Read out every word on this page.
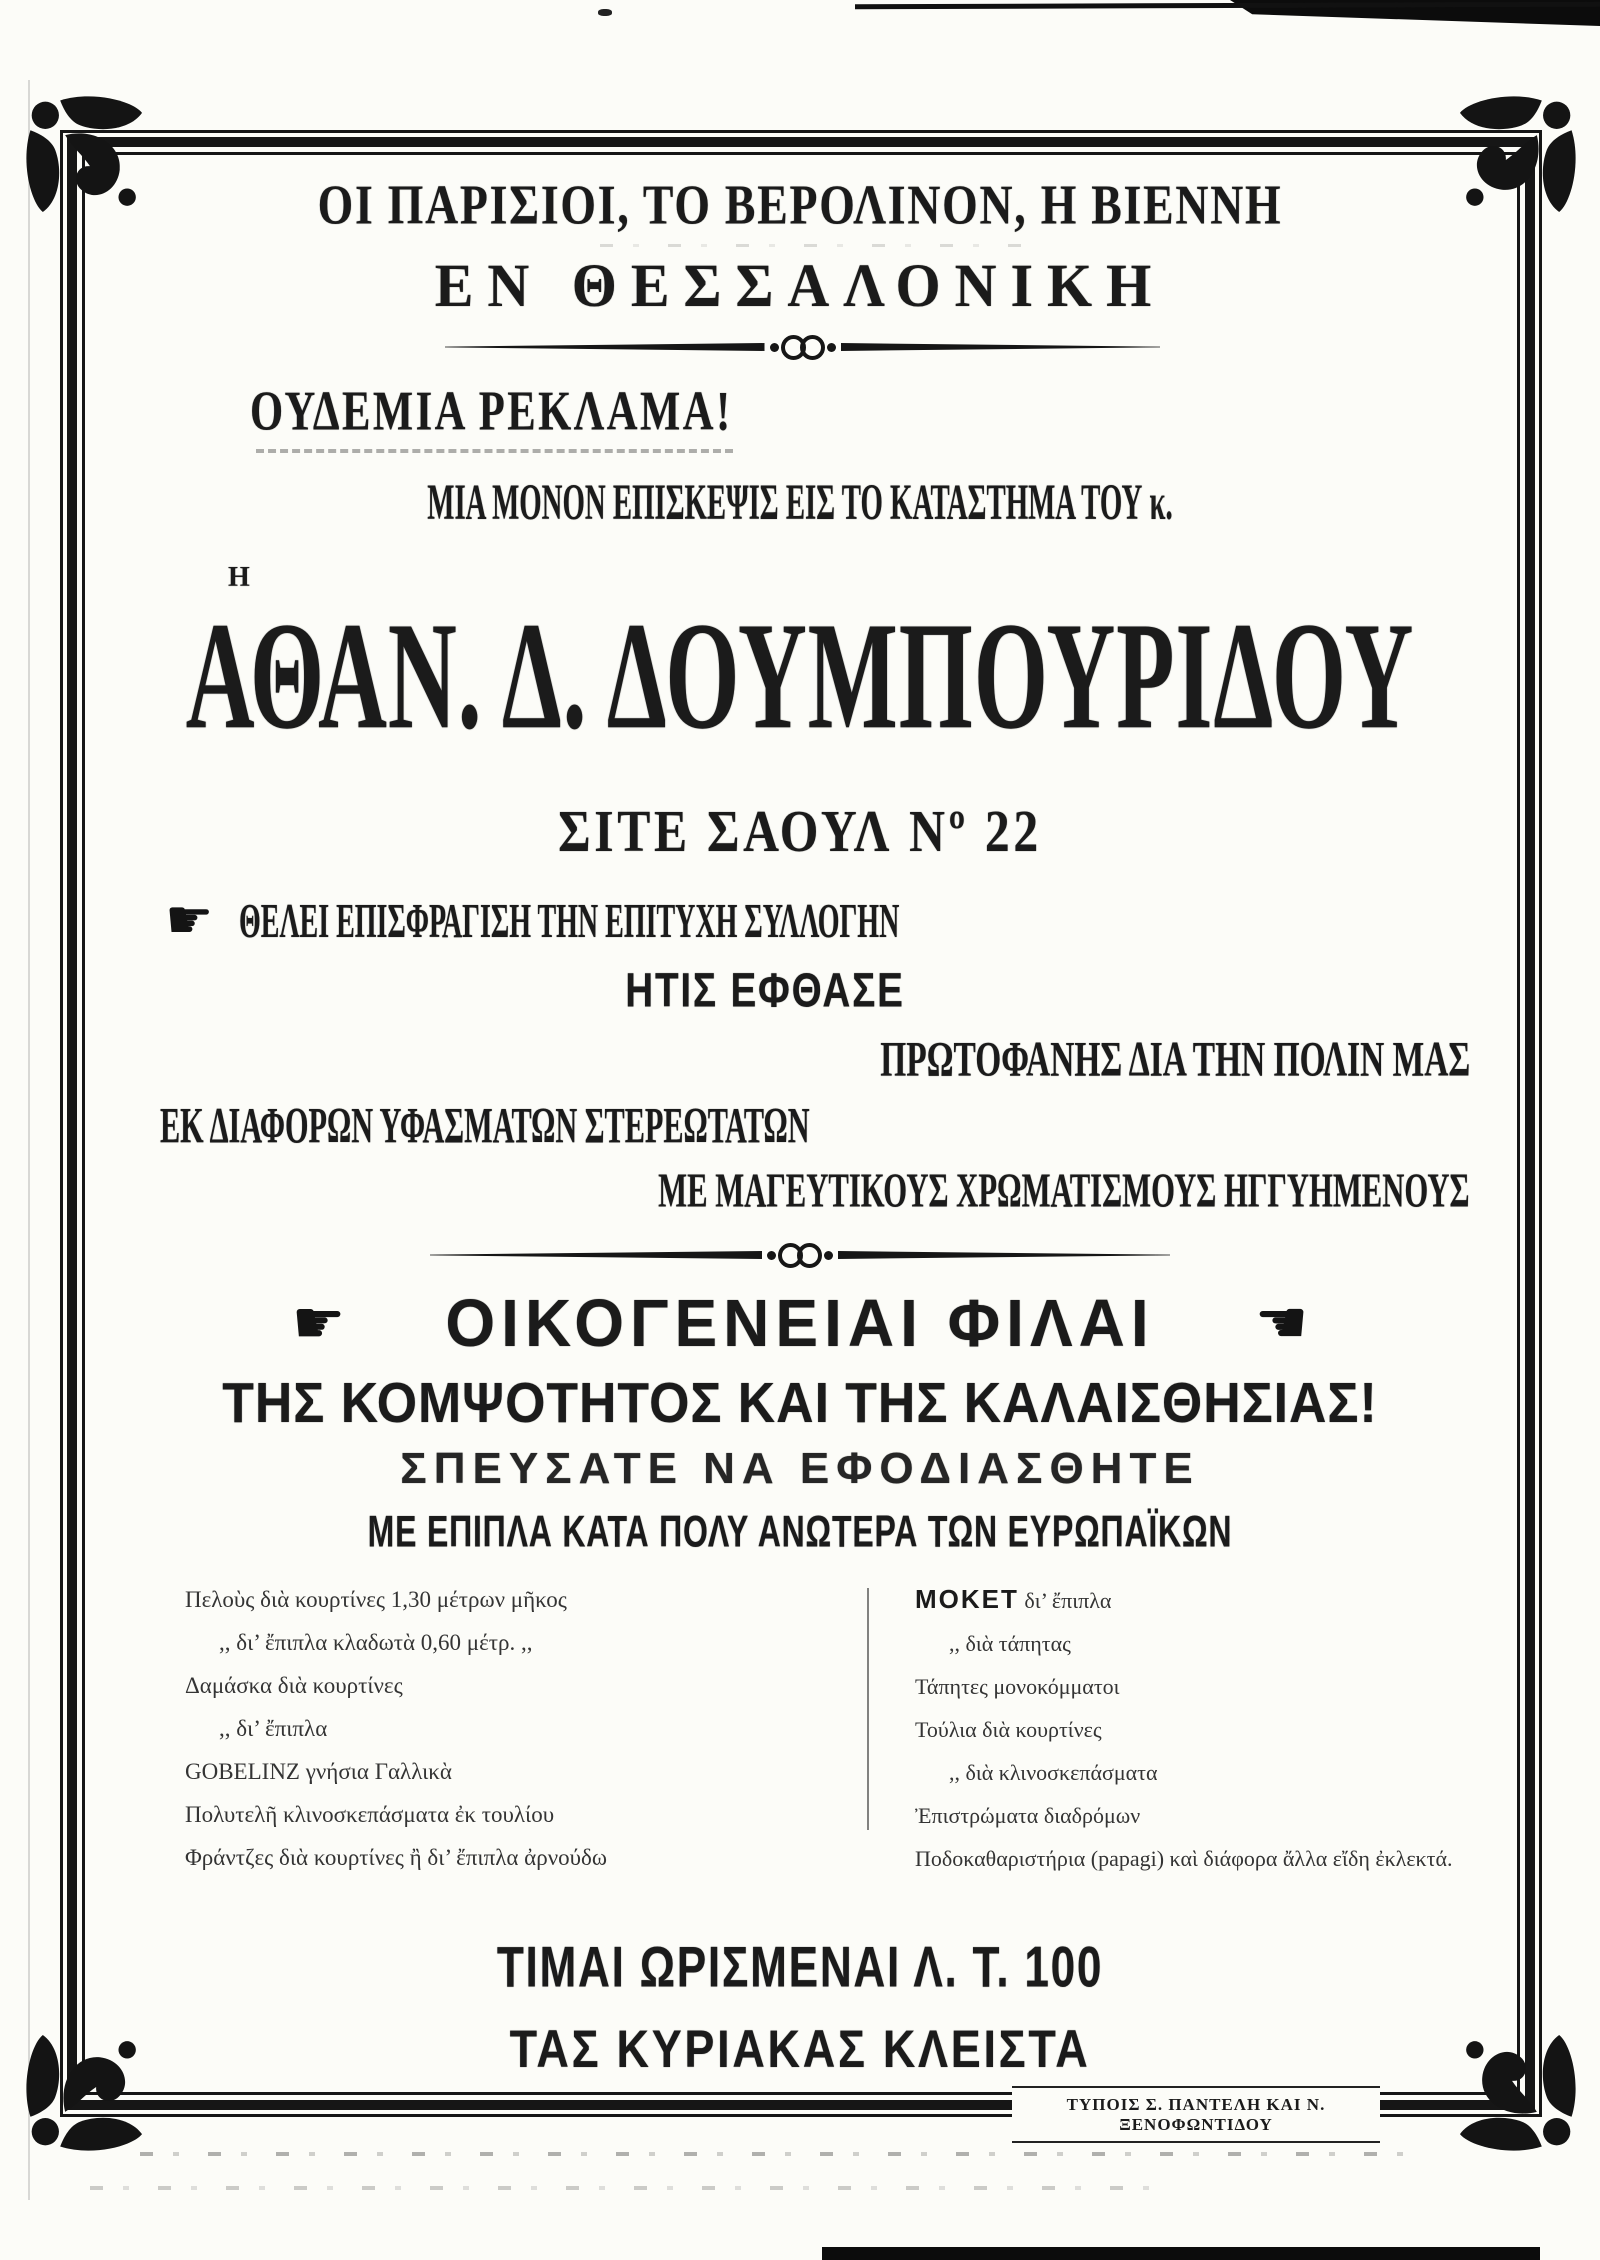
ΟΙ ΠΑΡΙΣΙΟΙ, ΤΟ ΒΕΡΟΛΙΝΟΝ, Η ΒΙΕΝΝΗ
ΕΝ ΘΕΣΣΑΛΟΝΙΚΗ
ΟΥΔΕΜΙΑ ΡΕΚΛΑΜΑ!
ΜΙΑ ΜΟΝΟΝ ΕΠΙΣΚΕΨΙΣ ΕΙΣ ΤΟ ΚΑΤΑΣΤΗΜΑ ΤΟΥ κ.
Η
ΑΘΑΝ. Δ. ΔΟΥΜΠΟΥΡΙΔΟΥ
ΣΙΤΕ ΣΑΟΥΛ Νº 22
☛ ΘΕΛΕΙ ΕΠΙΣΦΡΑΓΙΣΗ ΤΗΝ ΕΠΙΤΥΧΗ ΣΥΛΛΟΓΗΝ
ΗΤΙΣ ΕΦΘΑΣΕ
ΠΡΩΤΟΦΑΝΗΣ ΔΙΑ ΤΗΝ ΠΟΛΙΝ ΜΑΣ
ΕΚ ΔΙΑΦΟΡΩΝ ΥΦΑΣΜΑΤΩΝ ΣΤΕΡΕΩΤΑΤΩΝ
ΜΕ ΜΑΓΕΥΤΙΚΟΥΣ ΧΡΩΜΑΤΙΣΜΟΥΣ ΗΓΓΥΗΜΕΝΟΥΣ
☛ ΟΙΚΟΓΕΝΕΙΑΙ ΦΙΛΑΙ ☚
ΤΗΣ ΚΟΜΨΟΤΗΤΟΣ ΚΑΙ ΤΗΣ ΚΑΛΑΙΣΘΗΣΙΑΣ!
ΣΠΕΥΣΑΤΕ ΝΑ ΕΦΟΔΙΑΣΘΗΤΕ
ΜΕ ΕΠΙΠΛΑ ΚΑΤΑ ΠΟΛΥ ΑΝΩΤΕΡΑ ΤΩΝ ΕΥΡΩΠΑΪΚΩΝ

Πελοὺς διὰ κουρτίνες 1,30 μέτρων μῆκος

,, δι’ ἔπιπλα κλαδωτὰ 0,60 μέτρ. ,,

Δαμάσκα διὰ κουρτίνες

,, δι’ ἔπιπλα

GOBELINZ γνήσια Γαλλικὰ

Πολυτελῆ κλινοσκεπάσματα ἐκ τουλίου

Φράντζες διὰ κουρτίνες ἢ δι’ ἔπιπλα ἀρνούδω

ΜΟΚΕΤ δι’ ἔπιπλα

,, διὰ τάπητας

Τάπητες μονοκόμματοι

Τούλια διὰ κουρτίνες

,, διὰ κλινοσκεπάσματα

Ἐπιστρώματα διαδρόμων

Ποδοκαθαριστήρια (papagi) καὶ διάφορα ἄλλα εἴδη ἐκλεκτά.

ΤΙΜΑΙ ΩΡΙΣΜΕΝΑΙ Λ. Τ. 100
ΤΑΣ ΚΥΡΙΑΚΑΣ ΚΛΕΙΣΤΑ
ΤΥΠΟΙΣ Σ. ΠΑΝΤΕΛΗ ΚΑΙ Ν. ΞΕΝΟΦΩΝΤΙΔΟΥ
